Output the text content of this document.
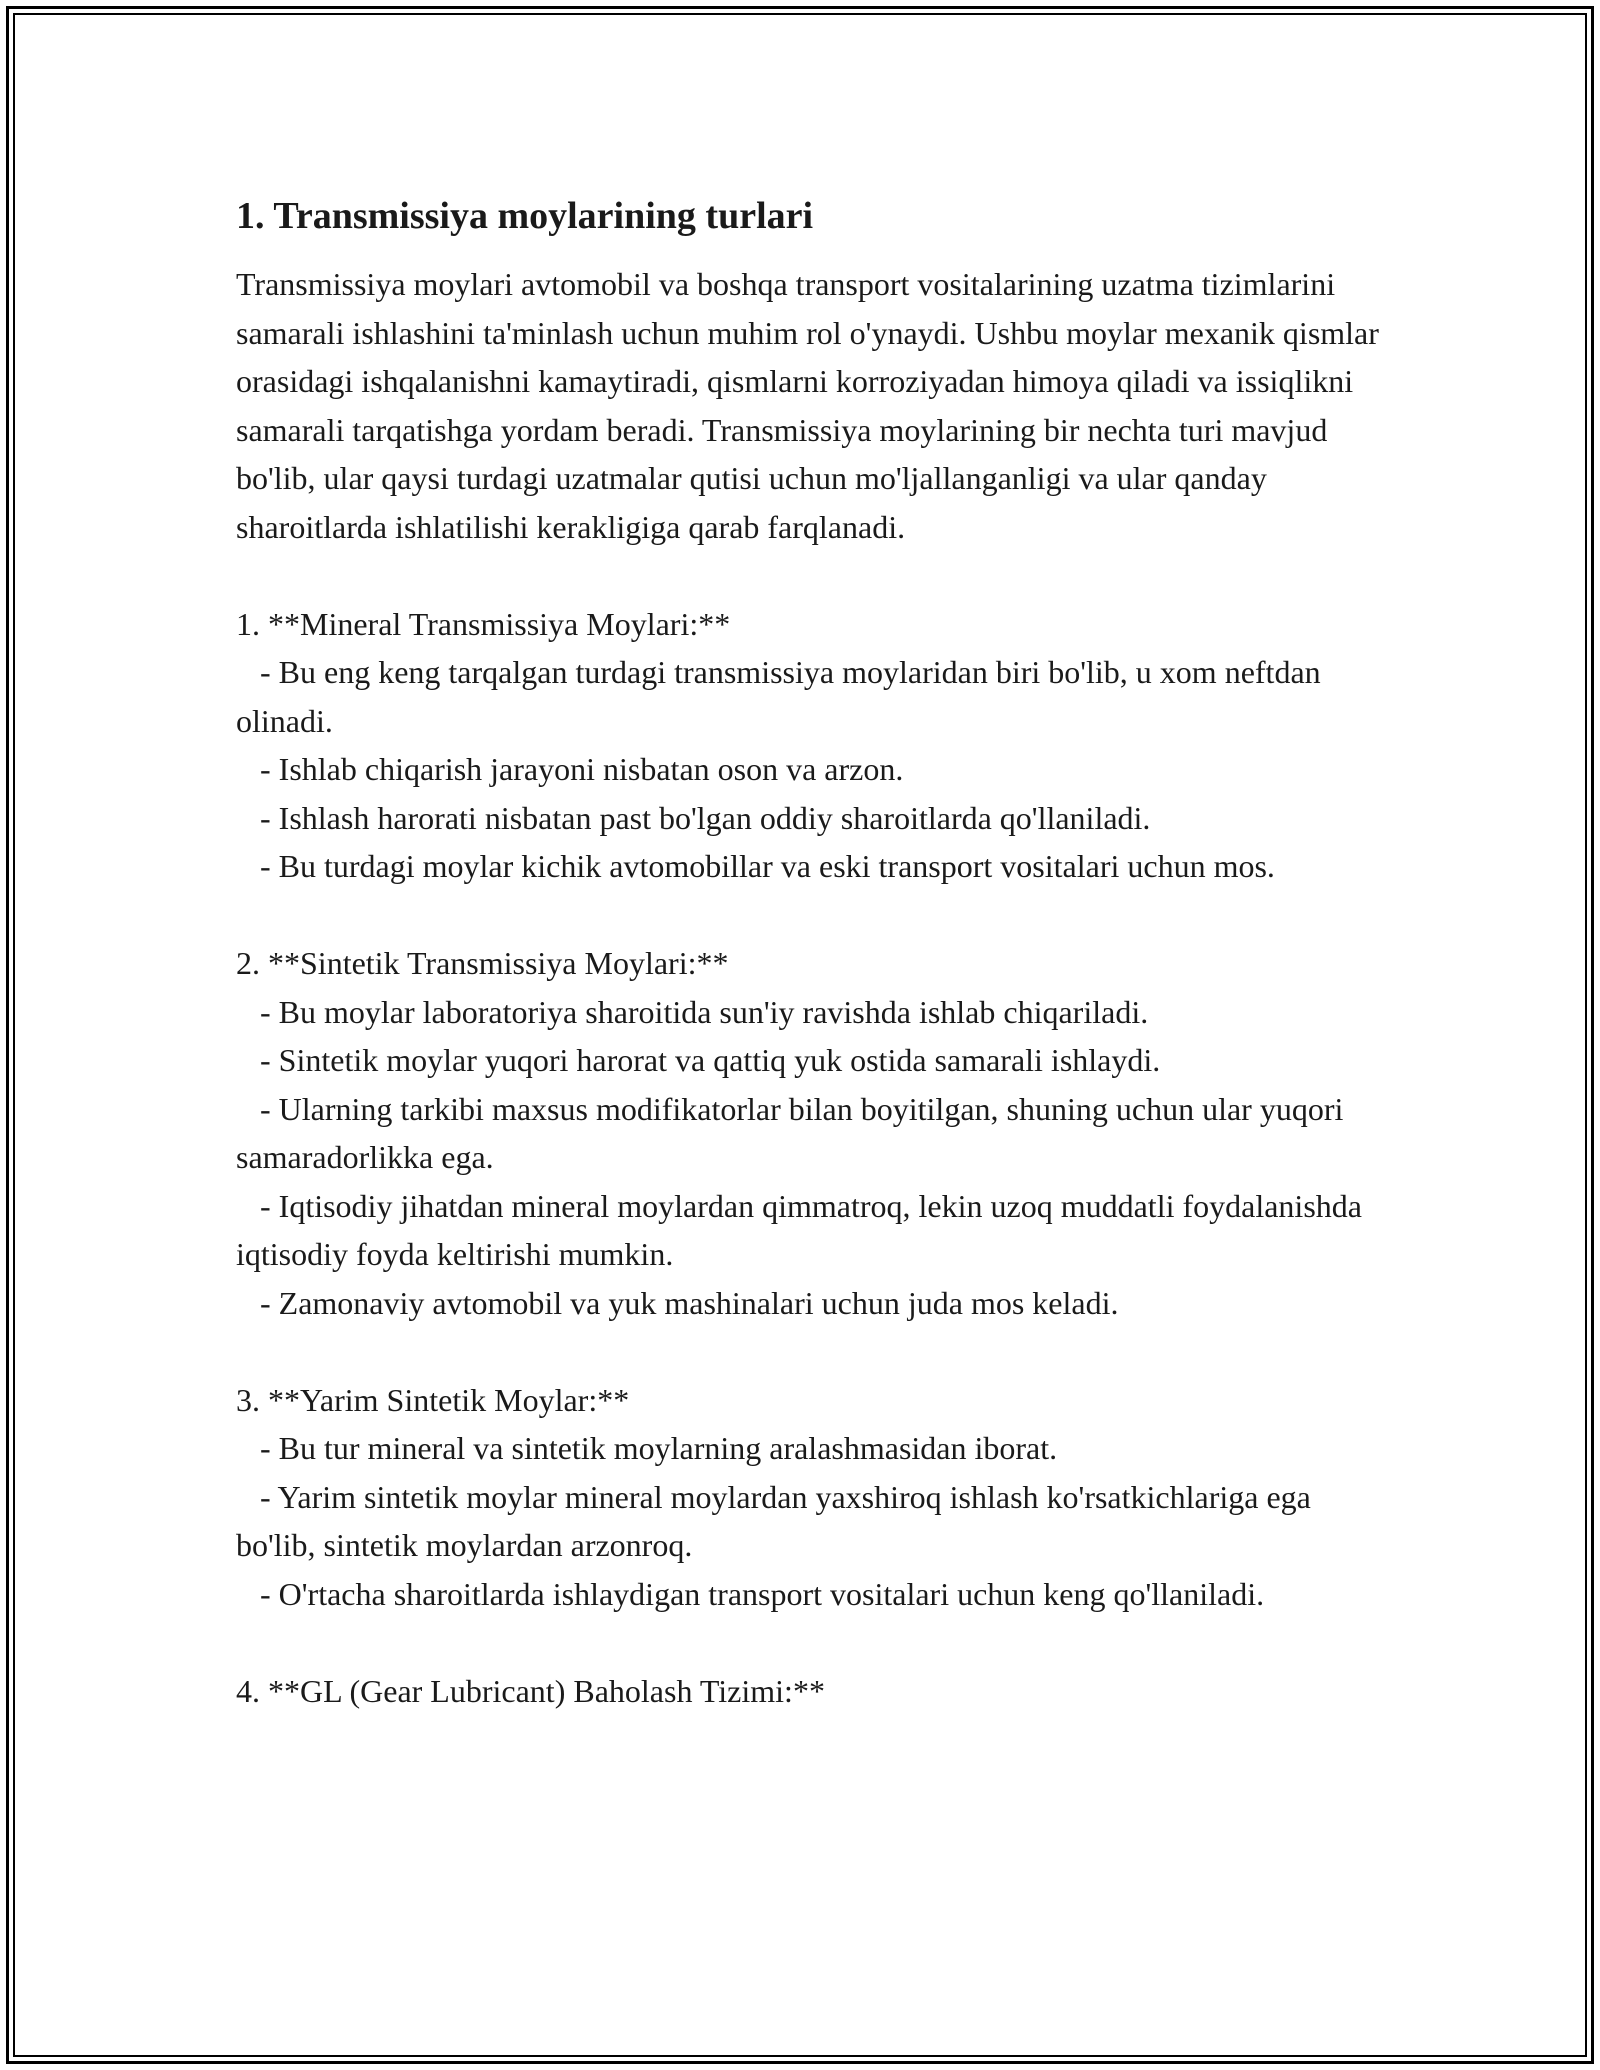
1. Transmissiya moylarining turlari

Transmissiya moylari avtomobil va boshqa transport vositalarining uzatma tizimlarini samarali ishlashini ta'minlash uchun muhim rol o'ynaydi. Ushbu moylar mexanik qismlar orasidagi ishqalanishni kamaytiradi, qismlarni korroziyadan himoya qiladi va issiqlikni samarali tarqatishga yordam beradi. Transmissiya moylarining bir nechta turi mavjud bo'lib, ular qaysi turdagi uzatmalar qutisi uchun mo'ljallanganligi va ular qanday sharoitlarda ishlatilishi kerakligiga qarab farqlanadi.

1. **Mineral Transmissiya Moylari:**

- Bu eng keng tarqalgan turdagi transmissiya moylaridan biri bo'lib, u xom neftdan olinadi.

- Ishlab chiqarish jarayoni nisbatan oson va arzon.

- Ishlash harorati nisbatan past bo'lgan oddiy sharoitlarda qo'llaniladi.

- Bu turdagi moylar kichik avtomobillar va eski transport vositalari uchun mos.

2. **Sintetik Transmissiya Moylari:**

- Bu moylar laboratoriya sharoitida sun'iy ravishda ishlab chiqariladi.

- Sintetik moylar yuqori harorat va qattiq yuk ostida samarali ishlaydi.

- Ularning tarkibi maxsus modifikatorlar bilan boyitilgan, shuning uchun ular yuqori samaradorlikka ega.

- Iqtisodiy jihatdan mineral moylardan qimmatroq, lekin uzoq muddatli foydalanishda iqtisodiy foyda keltirishi mumkin.

- Zamonaviy avtomobil va yuk mashinalari uchun juda mos keladi.

3. **Yarim Sintetik Moylar:**

- Bu tur mineral va sintetik moylarning aralashmasidan iborat.

- Yarim sintetik moylar mineral moylardan yaxshiroq ishlash ko'rsatkichlariga ega bo'lib, sintetik moylardan arzonroq.

- O'rtacha sharoitlarda ishlaydigan transport vositalari uchun keng qo'llaniladi.

4. **GL (Gear Lubricant) Baholash Tizimi:**
